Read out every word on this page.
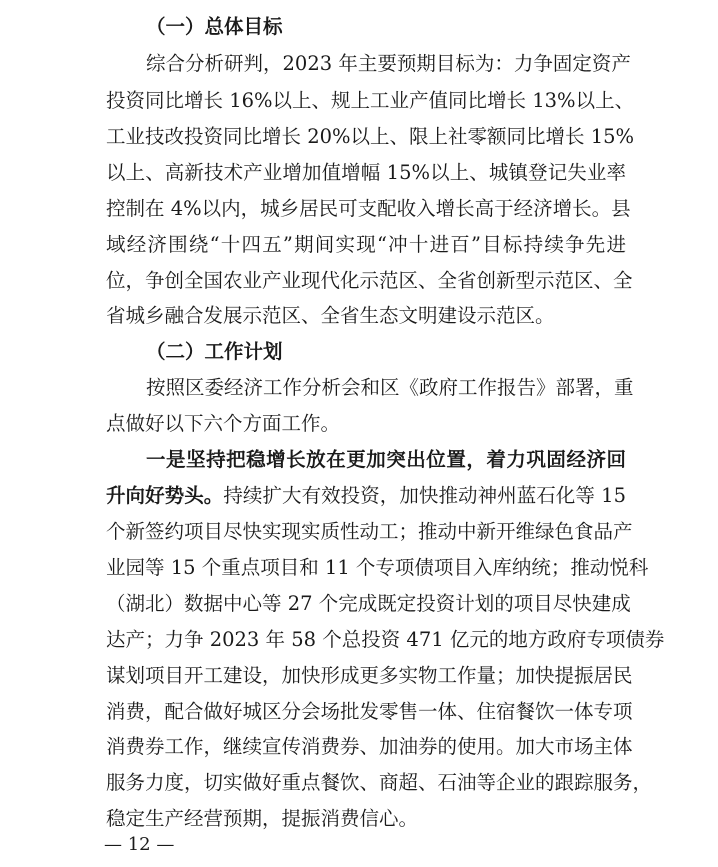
（一）总体目标
综合分析研判，2023 年主要预期目标为：力争固定资产
投资同比增长 16%以上、规上工业产值同比增长 13%以上、
工业技改投资同比增长 20%以上、限上社零额同比增长 15%
以上、高新技术产业增加值增幅 15%以上、城镇登记失业率
控制在 4%以内，城乡居民可支配收入增长高于经济增长。县
域经济围绕“十四五”期间实现“冲十进百”目标持续争先进
位，争创全国农业产业现代化示范区、全省创新型示范区、全
省城乡融合发展示范区、全省生态文明建设示范区。
（二）工作计划
按照区委经济工作分析会和区《政府工作报告》部署，重
点做好以下六个方面工作。
一是坚持把稳增长放在更加突出位置，着力巩固经济回
升向好势头。持续扩大有效投资，加快推动神州蓝石化等 15
个新签约项目尽快实现实质性动工；推动中新开维绿色食品产
业园等 15 个重点项目和 11 个专项债项目入库纳统；推动悦科
（湖北）数据中心等 27 个完成既定投资计划的项目尽快建成
达产；力争 2023 年 58 个总投资 471 亿元的地方政府专项债券
谋划项目开工建设，加快形成更多实物工作量；加快提振居民
消费，配合做好城区分会场批发零售一体、住宿餐饮一体专项
消费券工作，继续宣传消费券、加油券的使用。加大市场主体
服务力度，切实做好重点餐饮、商超、石油等企业的跟踪服务，
稳定生产经营预期，提振消费信心。
— 12 —
